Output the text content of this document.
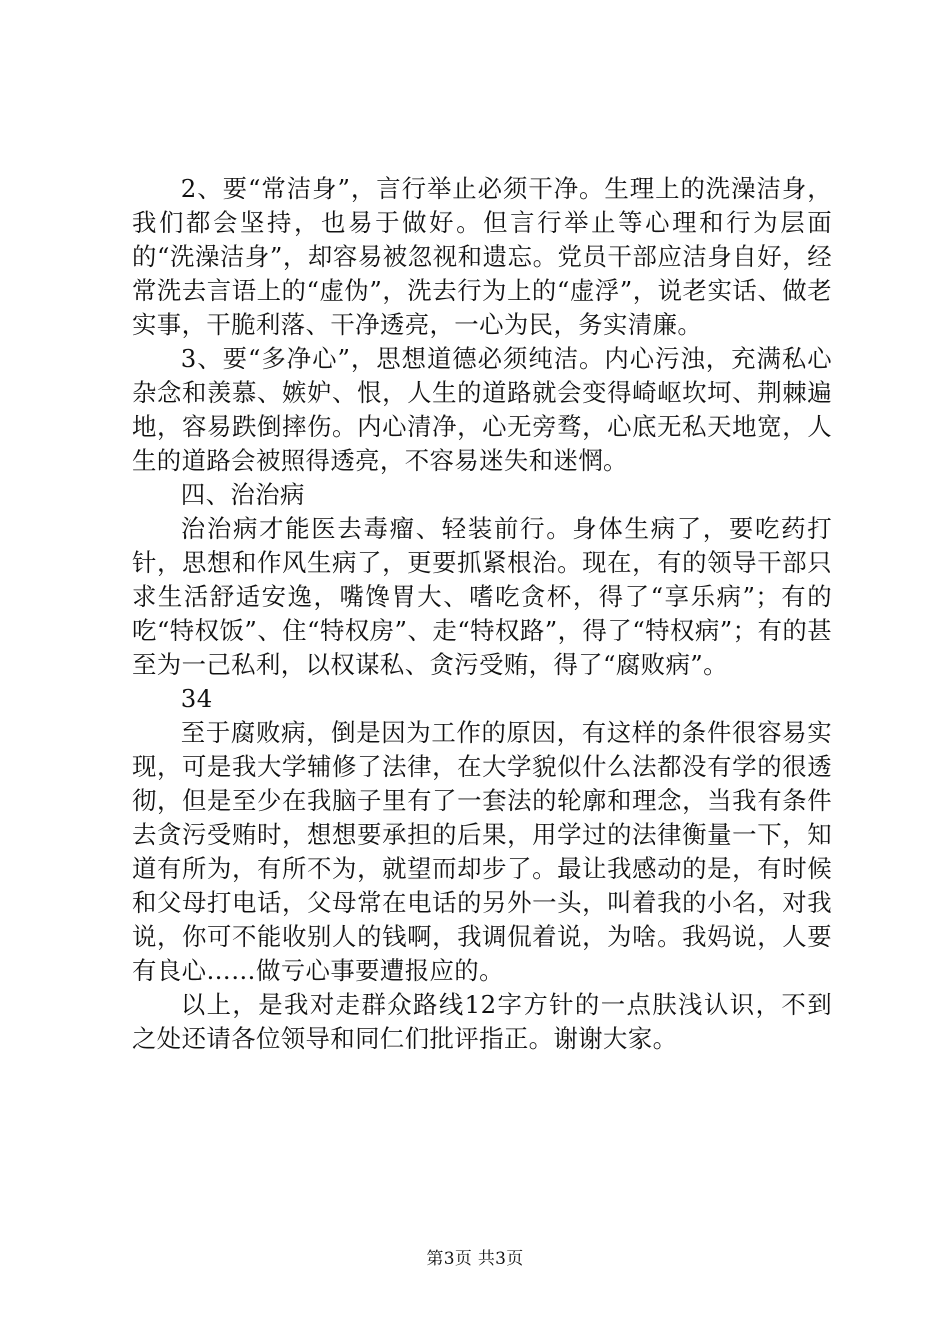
2、要“常洁身”，言行举止必须干净。生理上的洗澡洁身，我们都会坚持，也易于做好。但言行举止等心理和行为层面的“洗澡洁身”，却容易被忽视和遗忘。党员干部应洁身自好，经常洗去言语上的“虚伪”，洗去行为上的“虚浮”，说老实话、做老实事，干脆利落、干净透亮，一心为民，务实清廉。

3、要“多净心”，思想道德必须纯洁。内心污浊，充满私心杂念和羡慕、嫉妒、恨，人生的道路就会变得崎岖坎坷、荆棘遍地，容易跌倒摔伤。内心清净，心无旁骛，心底无私天地宽，人生的道路会被照得透亮，不容易迷失和迷惘。

四、治治病

治治病才能医去毒瘤、轻装前行。身体生病了，要吃药打针，思想和作风生病了，更要抓紧根治。现在，有的领导干部只求生活舒适安逸，嘴馋胃大、嗜吃贪杯，得了“享乐病”；有的吃“特权饭”、住“特权房”、走“特权路”，得了“特权病”；有的甚至为一己私利，以权谋私、贪污受贿，得了“腐败病”。

34

至于腐败病，倒是因为工作的原因，有这样的条件很容易实现，可是我大学辅修了法律，在大学貌似什么法都没有学的很透彻，但是至少在我脑子里有了一套法的轮廓和理念，当我有条件去贪污受贿时，想想要承担的后果，用学过的法律衡量一下，知道有所为，有所不为，就望而却步了。最让我感动的是，有时候和父母打电话，父母常在电话的另外一头，叫着我的小名，对我说，你可不能收别人的钱啊，我调侃着说，为啥。我妈说，人要有良心……做亏心事要遭报应的。

以上，是我对走群众路线12字方针的一点肤浅认识，不到之处还请各位领导和同仁们批评指正。谢谢大家。

第3页 共3页
